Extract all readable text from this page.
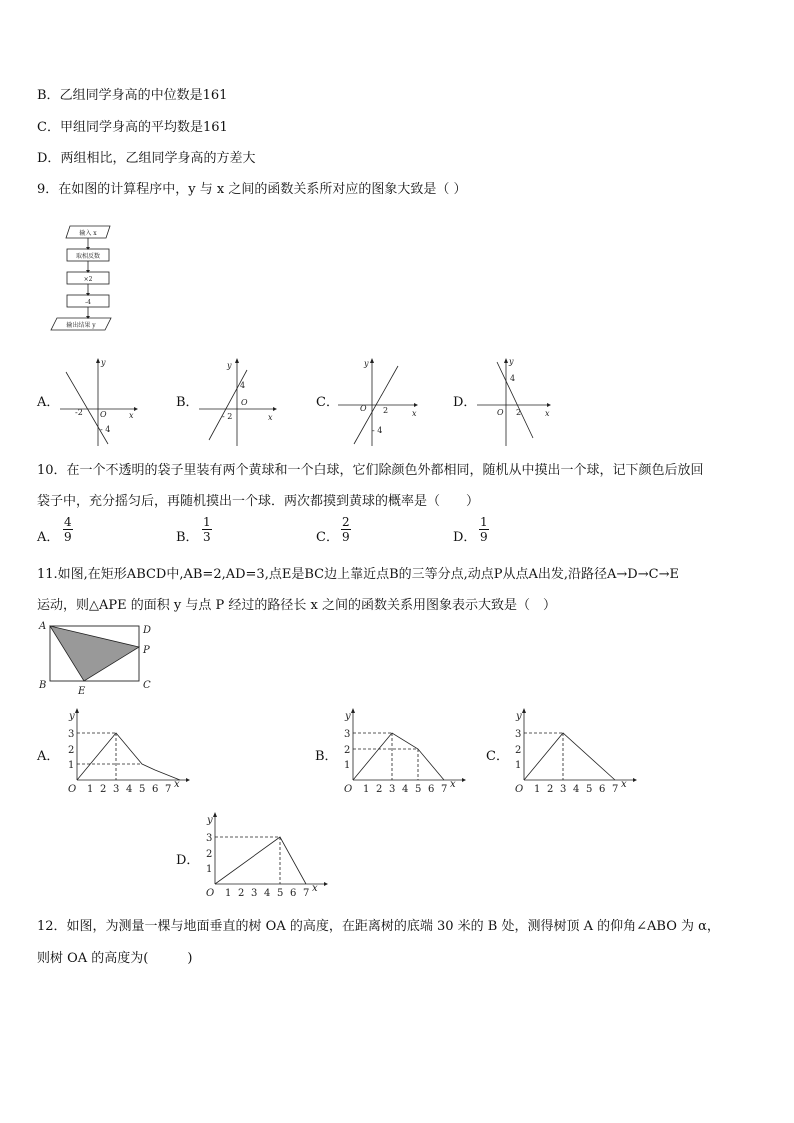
B．乙组同学身高的中位数是161
C．甲组同学身高的平均数是161
D．两组相比，乙组同学身高的方差大
9．在如图的计算程序中，y 与 x 之间的函数关系所对应的图象大致是（ ）
输入 x
取相反数
×2
-4
输出结果 y
A．	B．	C．	D．
y
x
O
-2
- 4
y
x
O
- 2
4
y
x
O 2
- 4
y
x
O 2
4
10．在一个不透明的袋子里装有两个黄球和一个白球，它们除颜色外都相同，随机从中摸出一个球，记下颜色后放回
袋子中，充分摇匀后，再随机摸出一个球．两次都摸到黄球的概率是（　　）
A． $\frac{4}{9}$	B． $\frac{1}{3}$	C． $\frac{2}{9}$	D． $\frac{1}{9}$
11.如图,在矩形ABCD中,AB=2,AD=3,点E是BC边上靠近点B的三等分点,动点P从点A出发,沿路径A→D→C→E
运动，则△APE 的面积 y 与点 P 经过的路径长 x 之间的函数关系用图象表示大致是（　）
A	D
P
B	C
E
A．	B．	C．
D．
y
x
O
3
2
1
1 2 3 4 5 6 7
y
x
O
3
2
1
1 2 3 4 5 6 7
y
x
O
3
2
1
1 2 3 4 5 6 7
y
x
O
3
2
1
1 2 3 4 5 6 7
12．如图，为测量一棵与地面垂直的树 OA 的高度，在距离树的底端 30 米的 B 处，测得树顶 A 的仰角∠ABO 为 α，
则树 OA 的高度为(　　　)
